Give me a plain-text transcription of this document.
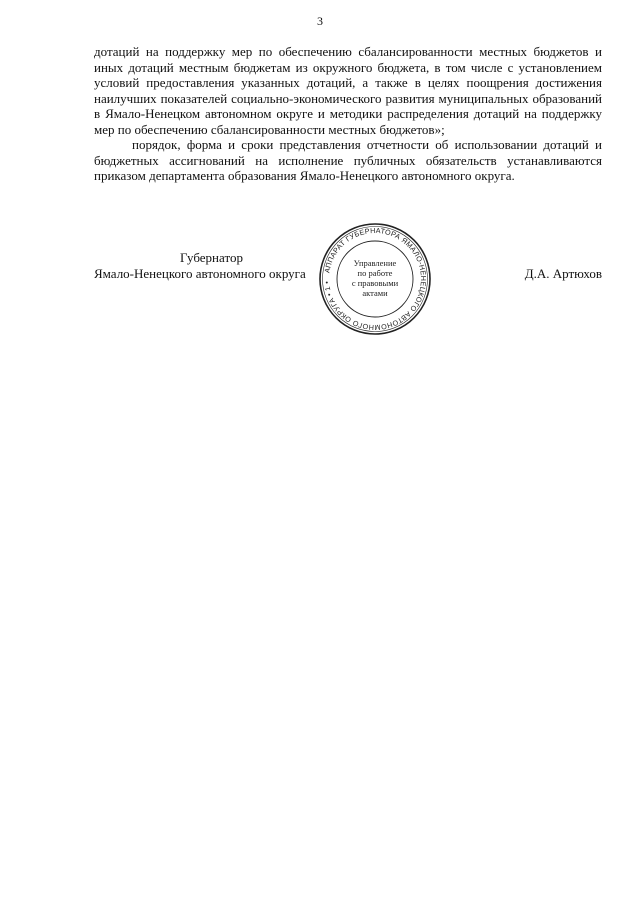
3

дотаций на поддержку мер по обеспечению сбалансированности местных бюджетов и иных дотаций местным бюджетам из окружного бюджета, в том числе с установлением условий предоставления указанных дотаций, а также в целях поощрения достижения наилучших показателей социально-экономического развития муниципальных образований в Ямало-Ненецком автономном округе и методики распределения дотаций на поддержку мер по обеспечению сбалансированности местных бюджетов»;

порядок, форма и сроки представления отчетности об использовании дотаций и бюджетных ассигнований на исполнение публичных обязательств устанавливаются приказом департамента образования Ямало-Ненецкого автономного округа.

Губернатор
Ямало-Ненецкого автономного округа	Д.А. Артюхов
АППАРАТ ГУБЕРНАТОРА ЯМАЛО-НЕНЕЦКОГО АВТОНОМНОГО ОКРУГА • 1 •
Управление
по работе
с правовыми
актами
